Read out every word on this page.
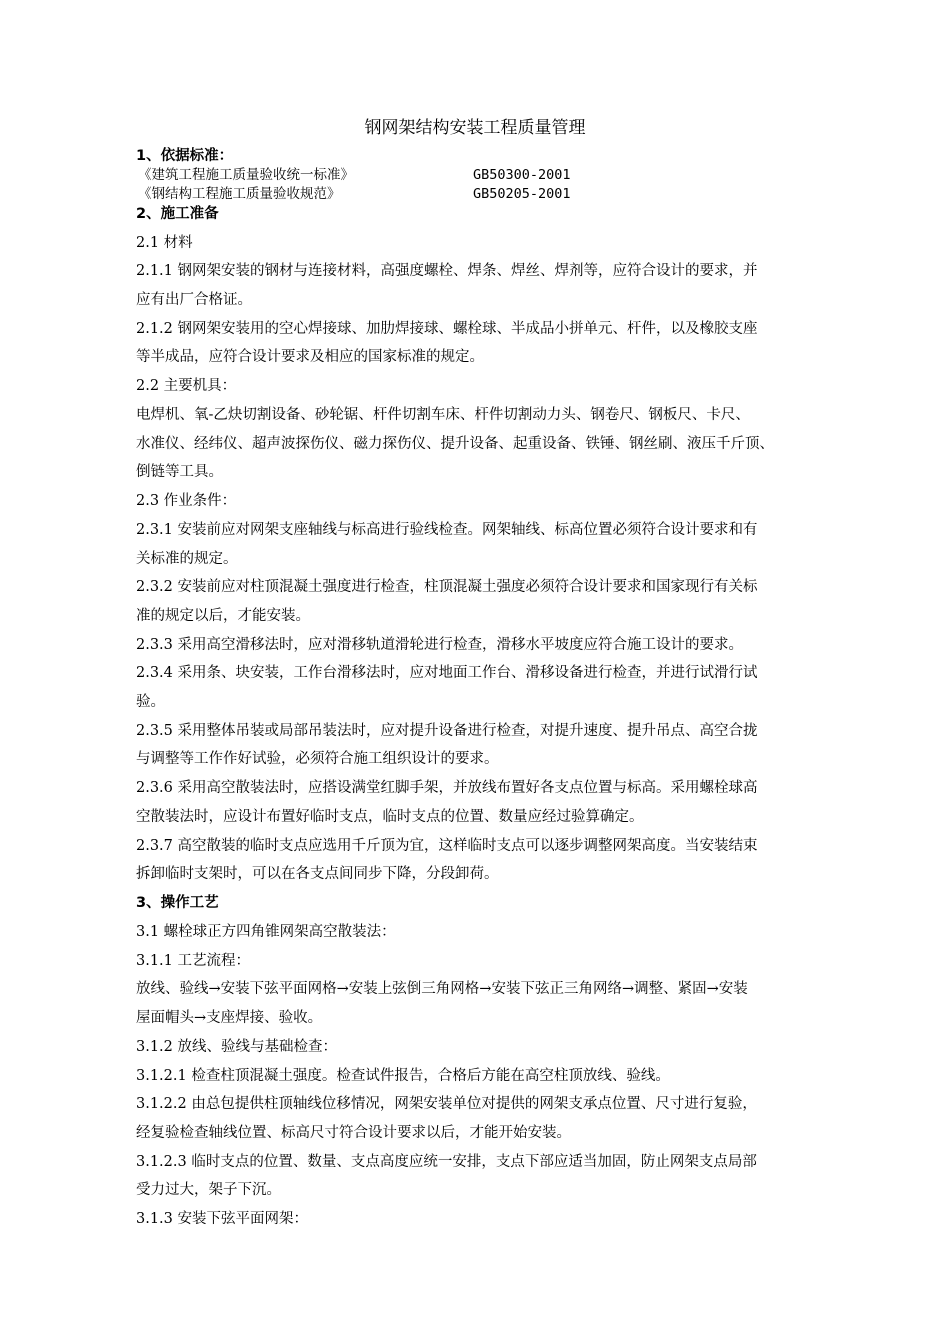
钢网架结构安装工程质量管理
1、依据标准：
《建筑工程施工质量验收统一标准》	GB50300-2001
《钢结构工程施工质量验收规范》	GB50205-2001
2、施工准备
2.1 材料
2.1.1 钢网架安装的钢材与连接材料，高强度螺栓、焊条、焊丝、焊剂等，应符合设计的要求，并
应有出厂合格证。
2.1.2 钢网架安装用的空心焊接球、加肋焊接球、螺栓球、半成品小拼单元、杆件，以及橡胶支座
等半成品，应符合设计要求及相应的国家标准的规定。
2.2 主要机具：
电焊机、氧-乙炔切割设备、砂轮锯、杆件切割车床、杆件切割动力头、钢卷尺、钢板尺、卡尺、
水准仪、经纬仪、超声波探伤仪、磁力探伤仪、提升设备、起重设备、铁锤、钢丝刷、液压千斤顶、
倒链等工具。
2.3 作业条件：
2.3.1 安装前应对网架支座轴线与标高进行验线检查。网架轴线、标高位置必须符合设计要求和有
关标准的规定。
2.3.2 安装前应对柱顶混凝土强度进行检查，柱顶混凝土强度必须符合设计要求和国家现行有关标
准的规定以后，才能安装。
2.3.3 采用高空滑移法时，应对滑移轨道滑轮进行检查，滑移水平坡度应符合施工设计的要求。
2.3.4 采用条、块安装，工作台滑移法时，应对地面工作台、滑移设备进行检查，并进行试滑行试
验。
2.3.5 采用整体吊装或局部吊装法时，应对提升设备进行检查，对提升速度、提升吊点、高空合拢
与调整等工作作好试验，必须符合施工组织设计的要求。
2.3.6 采用高空散装法时，应搭设满堂红脚手架，并放线布置好各支点位置与标高。采用螺栓球高
空散装法时，应设计布置好临时支点，临时支点的位置、数量应经过验算确定。
2.3.7 高空散装的临时支点应选用千斤顶为宜，这样临时支点可以逐步调整网架高度。当安装结束
拆卸临时支架时，可以在各支点间同步下降，分段卸荷。
3、操作工艺
3.1 螺栓球正方四角锥网架高空散装法：
3.1.1 工艺流程：
放线、验线→安装下弦平面网格→安装上弦倒三角网格→安装下弦正三角网络→调整、紧固→安装
屋面帽头→支座焊接、验收。
3.1.2 放线、验线与基础检查：
3.1.2.1 检查柱顶混凝土强度。检查试件报告，合格后方能在高空柱顶放线、验线。
3.1.2.2 由总包提供柱顶轴线位移情况，网架安装单位对提供的网架支承点位置、尺寸进行复验，
经复验检查轴线位置、标高尺寸符合设计要求以后，才能开始安装。
3.1.2.3 临时支点的位置、数量、支点高度应统一安排，支点下部应适当加固，防止网架支点局部
受力过大，架子下沉。
3.1.3 安装下弦平面网架：
